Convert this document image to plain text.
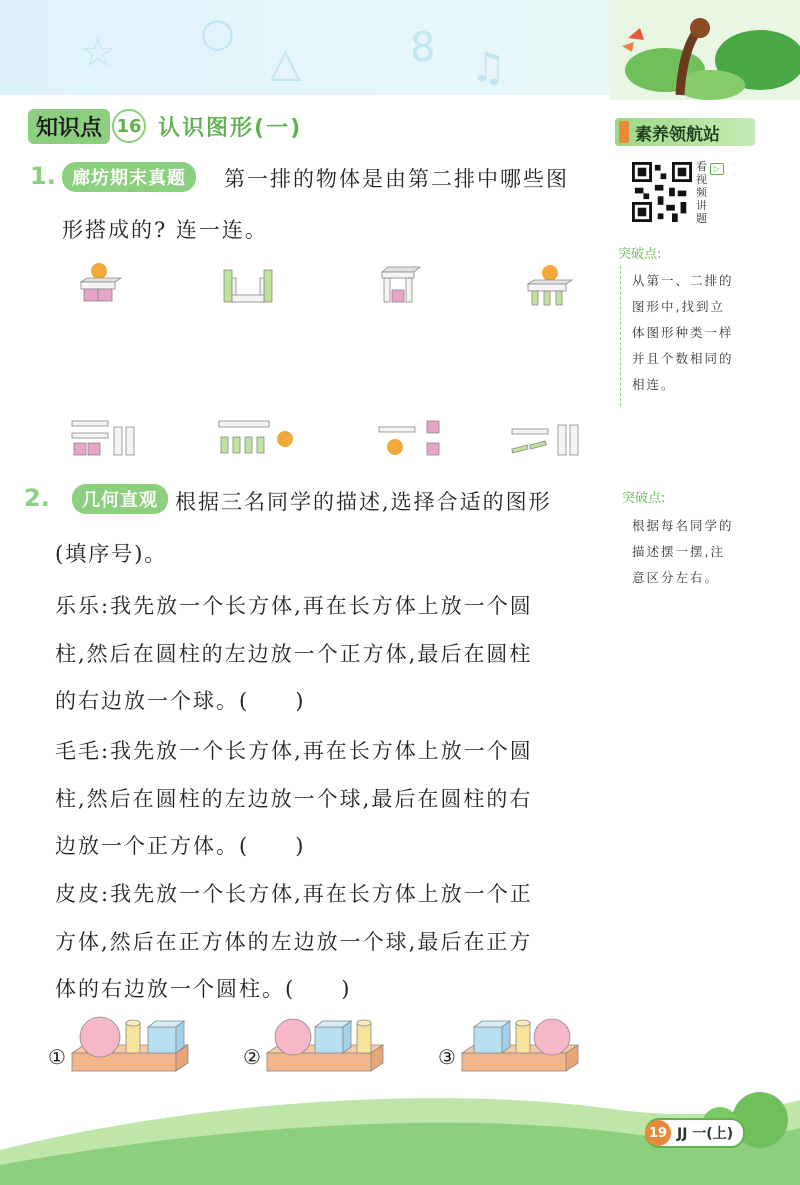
☆ ○
△	8 ♫
知识点 16 认识图形(一)	素养领航站
看视频讲题
▷
突破点:
从第一、二排的
图形中,找到立
体图形种类一样
并且个数相同的
相连。
突破点:
根据每名同学的
描述摆一摆,注
意区分左右。
1. 廊坊期末真题	第一排的物体是由第二排中哪些图
形搭成的? 连一连。
2.	几何直观 根据三名同学的描述,选择合适的图形
(填序号)。
乐乐:我先放一个长方体,再在长方体上放一个圆
柱,然后在圆柱的左边放一个正方体,最后在圆柱
的右边放一个球。(　　)
毛毛:我先放一个长方体,再在长方体上放一个圆
柱,然后在圆柱的左边放一个球,最后在圆柱的右
边放一个正方体。(　　)
皮皮:我先放一个长方体,再在长方体上放一个正
方体,然后在正方体的左边放一个球,最后在正方
体的右边放一个圆柱。(　　)
①	②	③
19 JJ 一(上)
